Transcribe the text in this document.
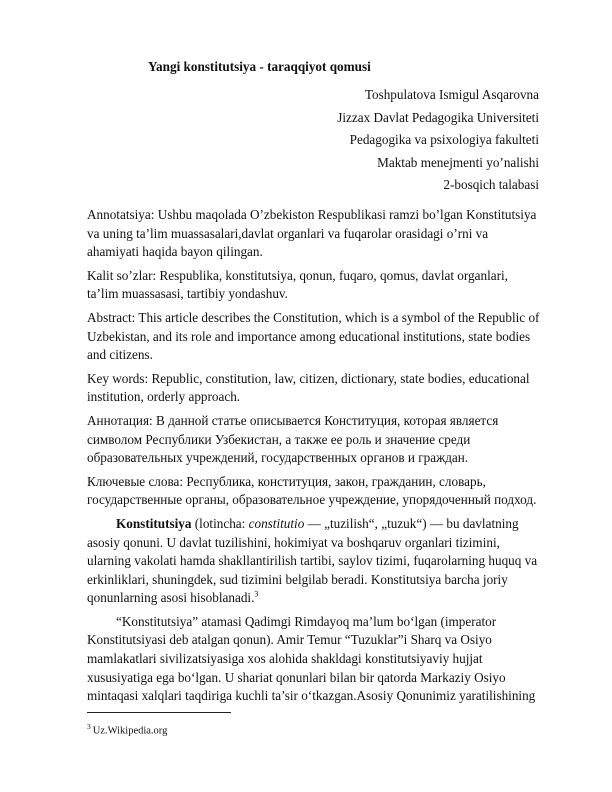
Yangi konstitutsiya - taraqqiyot qomusi
Toshpulatova Ismigul Asqarovna
Jizzax Davlat Pedagogika Universiteti
Pedagogika va psixologiya fakulteti
Maktab menejmenti yo’nalishi
2-bosqich talabasi

Annotatsiya: Ushbu maqolada O’zbekiston Respublikasi ramzi bo’lgan Konstitutsiya va uning ta’lim muassasalari,davlat organlari va fuqarolar orasidagi o’rni va ahamiyati haqida bayon qilingan.

Kalit so’zlar: Respublika, konstitutsiya, qonun, fuqaro, qomus, davlat organlari, ta’lim muassasasi, tartibiy yondashuv.

Abstract: This article describes the Constitution, which is a symbol of the Republic of Uzbekistan, and its role and importance among educational institutions, state bodies and citizens.

Key words: Republic, constitution, law, citizen, dictionary, state bodies, educational institution, orderly approach.

Аннотация: В данной статье описывается Конституция, которая является символом Республики Узбекистан, а также ее роль и значение среди образовательных учреждений, государственных органов и граждан.

Ключевые слова: Республика, конституция, закон, гражданин, словарь, государственные органы, образовательное учреждение, упорядоченный подход.

Konstitutsiya (lotincha: constitutio — „tuzilish“, „tuzuk“) — bu davlatning asosiy qonuni. U davlat tuzilishini, hokimiyat va boshqaruv organlari tizimini, ularning vakolati hamda shakllantirilish tartibi, saylov tizimi, fuqarolarning huquq va erkinliklari, shuningdek, sud tizimini belgilab beradi. Konstitutsiya barcha joriy qonunlarning asosi hisoblanadi.$^3$

“Konstitutsiya” atamasi Qadimgi Rimdayoq ma’lum bo‘lgan (imperator Konstitutsiyasi deb atalgan qonun). Amir Temur “Tuzuklar”i Sharq va Osiyo mamlakatlari sivilizatsiyasiga xos alohida shakldagi konstitutsiyaviy hujjat xususiyatiga ega bo‘lgan. U shariat qonunlari bilan bir qatorda Markaziy Osiyo mintaqasi xalqlari taqdiriga kuchli ta’sir o‘tkazgan.Asosiy Qonunimiz yaratilishining

$^3$ Uz.Wikipedia.org
